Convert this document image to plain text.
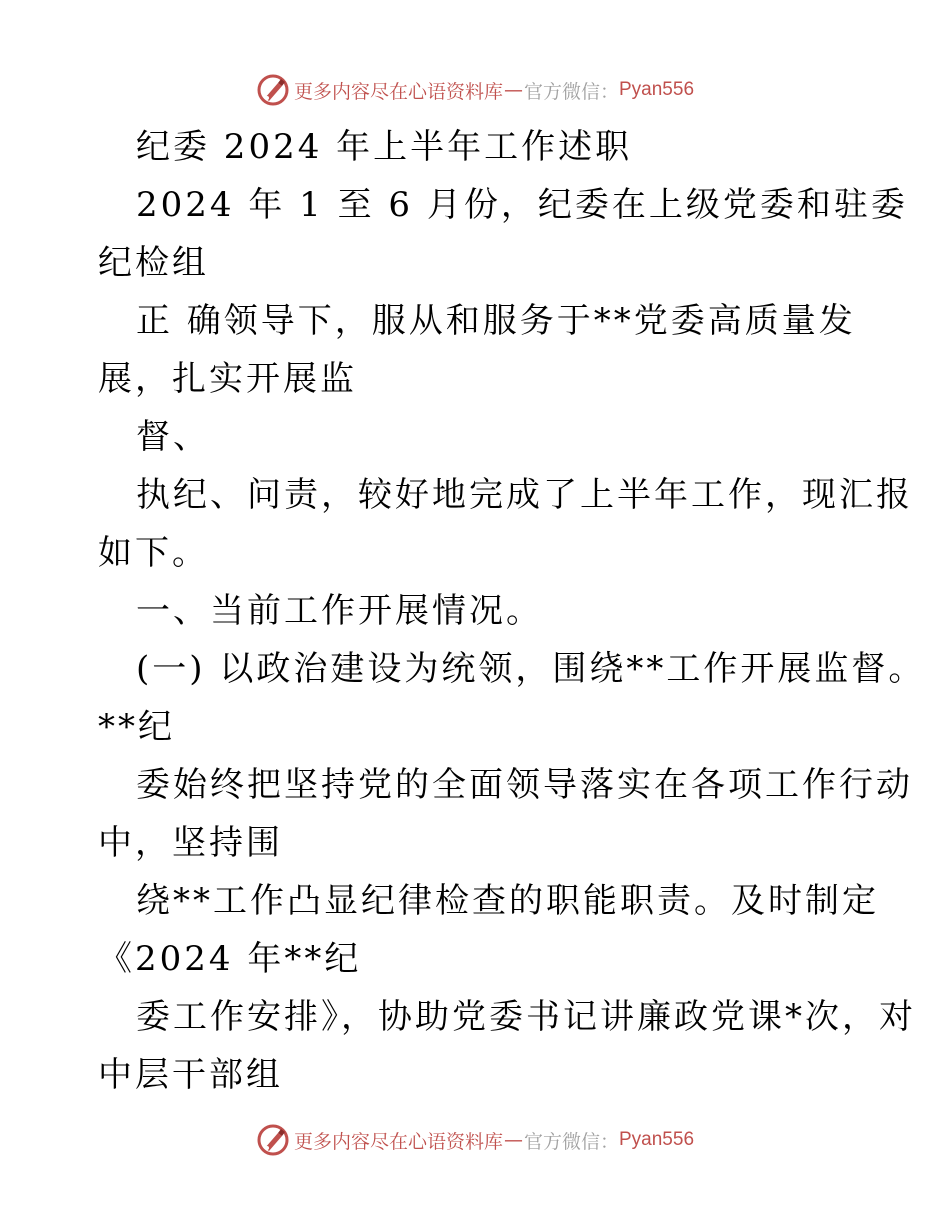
更多内容尽在心语资料库 — 官方微信： Pyan556
纪委 2024 年上半年工作述职
2024 年 1 至 6 月份，纪委在上级党委和驻委
纪检组
正 确领导下，服从和服务于**党委高质量发
展，扎实开展监
督、
执纪、问责，较好地完成了上半年工作，现汇报
如下。
一、当前工作开展情况。
(一) 以政治建设为统领，围绕**工作开展监督。
**纪
委始终把坚持党的全面领导落实在各项工作行动
中，坚持围
绕**工作凸显纪律检查的职能职责。及时制定
《2024 年**纪
委工作安排》，协助党委书记讲廉政党课*次，对
中层干部组
更多内容尽在心语资料库 — 官方微信： Pyan556
